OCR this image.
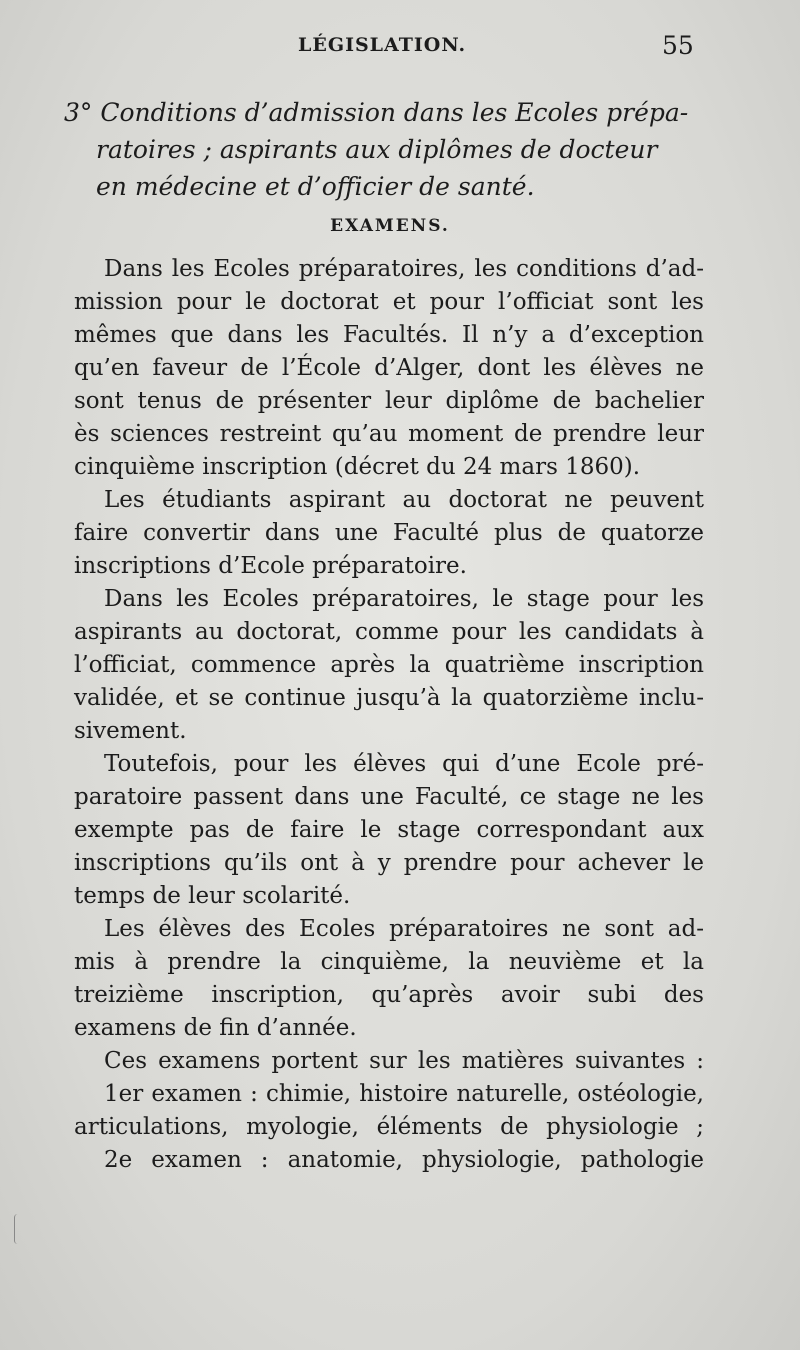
LÉGISLATION.	55
3° Conditions d’admission dans les Ecoles prépa-
ratoires ; aspirants aux diplômes de docteur
en médecine et d’officier de santé.
EXAMENS.
Dans les Ecoles préparatoires, les conditions d’ad-
mission pour le doctorat et pour l’officiat sont les
mêmes que dans les Facultés. Il n’y a d’exception
qu’en faveur de l’École d’Alger, dont les élèves ne
sont tenus de présenter leur diplôme de bachelier
ès sciences restreint qu’au moment de prendre leur
cinquième inscription (décret du 24 mars 1860).
Les étudiants aspirant au doctorat ne peuvent
faire convertir dans une Faculté plus de quatorze
inscriptions d’Ecole préparatoire.
Dans les Ecoles préparatoires, le stage pour les
aspirants au doctorat, comme pour les candidats à
l’officiat, commence après la quatrième inscription
validée, et se continue jusqu’à la quatorzième inclu-
sivement.
Toutefois, pour les élèves qui d’une Ecole pré-
paratoire passent dans une Faculté, ce stage ne les
exempte pas de faire le stage correspondant aux
inscriptions qu’ils ont à y prendre pour achever le
temps de leur scolarité.
Les élèves des Ecoles préparatoires ne sont ad-
mis à prendre la cinquième, la neuvième et la
treizième inscription, qu’après avoir subi des
examens de fin d’année.
Ces examens portent sur les matières suivantes :
1er examen : chimie, histoire naturelle, ostéologie,
articulations, myologie, éléments de physiologie ;
2e examen : anatomie, physiologie, pathologie
